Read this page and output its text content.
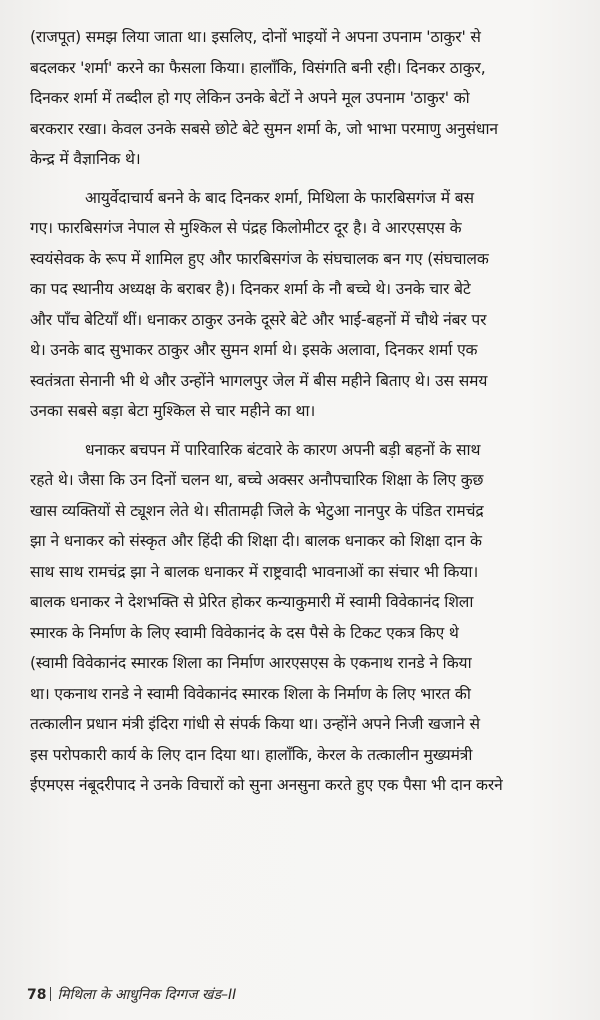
(राजपूत) समझ लिया जाता था। इसलिए, दोनों भाइयों ने अपना उपनाम 'ठाकुर' से
बदलकर 'शर्मा' करने का फैसला किया। हालाँकि, विसंगति बनी रही। दिनकर ठाकुर,
दिनकर शर्मा में तब्दील हो गए लेकिन उनके बेटों ने अपने मूल उपनाम 'ठाकुर' को
बरकरार रखा। केवल उनके सबसे छोटे बेटे सुमन शर्मा के, जो भाभा परमाणु अनुसंधान
केन्द्र में वैज्ञानिक थे।
आयुर्वेदाचार्य बनने के बाद दिनकर शर्मा, मिथिला के फारबिसगंज में बस
गए। फारबिसगंज नेपाल से मुश्किल से पंद्रह किलोमीटर दूर है। वे आरएसएस के
स्वयंसेवक के रूप में शामिल हुए और फारबिसगंज के संघचालक बन गए (संघचालक
का पद स्थानीय अध्यक्ष के बराबर है)। दिनकर शर्मा के नौ बच्चे थे। उनके चार बेटे
और पाँच बेटियाँ थीं। धनाकर ठाकुर उनके दूसरे बेटे और भाई-बहनों में चौथे नंबर पर
थे। उनके बाद सुभाकर ठाकुर और सुमन शर्मा थे। इसके अलावा, दिनकर शर्मा एक
स्वतंत्रता सेनानी भी थे और उन्होंने भागलपुर जेल में बीस महीने बिताए थे। उस समय
उनका सबसे बड़ा बेटा मुश्किल से चार महीने का था।
धनाकर बचपन में पारिवारिक बंटवारे के कारण अपनी बड़ी बहनों के साथ
रहते थे। जैसा कि उन दिनों चलन था, बच्चे अक्सर अनौपचारिक शिक्षा के लिए कुछ
खास व्यक्तियों से ट्यूशन लेते थे। सीतामढ़ी जिले के भेटुआ नानपुर के पंडित रामचंद्र
झा ने धनाकर को संस्कृत और हिंदी की शिक्षा दी। बालक धनाकर को शिक्षा दान के
साथ साथ रामचंद्र झा ने बालक धनाकर में राष्ट्रवादी भावनाओं का संचार भी किया।
बालक धनाकर ने देशभक्ति से प्रेरित होकर कन्याकुमारी में स्वामी विवेकानंद शिला
स्मारक के निर्माण के लिए स्वामी विवेकानंद के दस पैसे के टिकट एकत्र किए थे
(स्वामी विवेकानंद स्मारक शिला का निर्माण आरएसएस के एकनाथ रानडे ने किया
था। एकनाथ रानडे ने स्वामी विवेकानंद स्मारक शिला के निर्माण के लिए भारत की
तत्कालीन प्रधान मंत्री इंदिरा गांधी से संपर्क किया था। उन्होंने अपने निजी खजाने से
इस परोपकारी कार्य के लिए दान दिया था। हालाँकि, केरल के तत्कालीन मुख्यमंत्री
ईएमएस नंबूदरीपाद ने उनके विचारों को सुना अनसुना करते हुए एक पैसा भी दान करने
78 मिथिला के आधुनिक दिग्गज खंड–II
